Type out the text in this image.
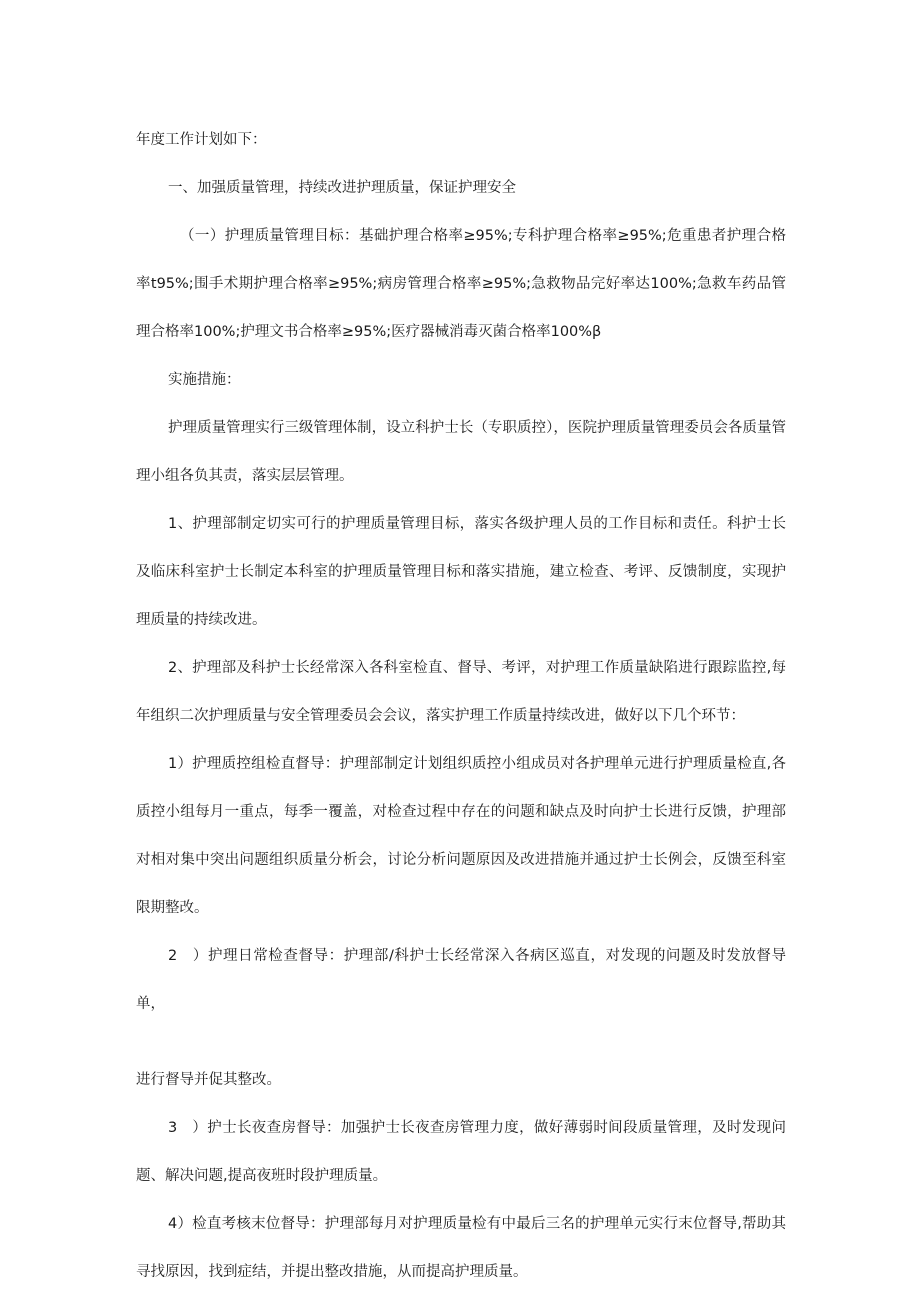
年度工作计划如下：

一、加强质量管理，持续改进护理质量，保证护理安全

（一）护理质量管理目标：基础护理合格率≥95%;专科护理合格率≥95%;危重患者护理合格率t95%;围手术期护理合格率≥95%;病房管理合格率≥95%;急救物品完好率达100%;急救车药品管理合格率100%;护理文书合格率≥95%;医疗器械消毒灭菌合格率100%β

实施措施：

护理质量管理实行三级管理体制，设立科护士长（专职质控），医院护理质量管理委员会各质量管理小组各负其责，落实层层管理。

1、护理部制定切实可行的护理质量管理目标，落实各级护理人员的工作目标和责任。科护士长及临床科室护士长制定本科室的护理质量管理目标和落实措施，建立检查、考评、反馈制度，实现护理质量的持续改进。

2、护理部及科护士长经常深入各科室检直、督导、考评，对护理工作质量缺陷进行跟踪监控,每年组织二次护理质量与安全管理委员会会议，落实护理工作质量持续改进，做好以下几个环节：

1）护理质控组检直督导：护理部制定计划组织质控小组成员对各护理单元进行护理质量检直,各质控小组每月一重点，每季一覆盖，对检查过程中存在的问题和缺点及时向护士长进行反馈，护理部对相对集中突出问题组织质量分析会，讨论分析问题原因及改进措施并通过护士长例会，反馈至科室限期整改。

2　）护理日常检查督导：护理部/科护士长经常深入各病区巡直，对发现的问题及时发放督导单，

进行督导并促其整改。

3　）护士长夜查房督导：加强护士长夜查房管理力度，做好薄弱时间段质量管理，及时发现问题、解决问题,提高夜班时段护理质量。

4）检直考核末位督导：护理部每月对护理质量检有中最后三名的护理单元实行末位督导,帮助其寻找原因，找到症结，并提出整改措施，从而提高护理质量。
